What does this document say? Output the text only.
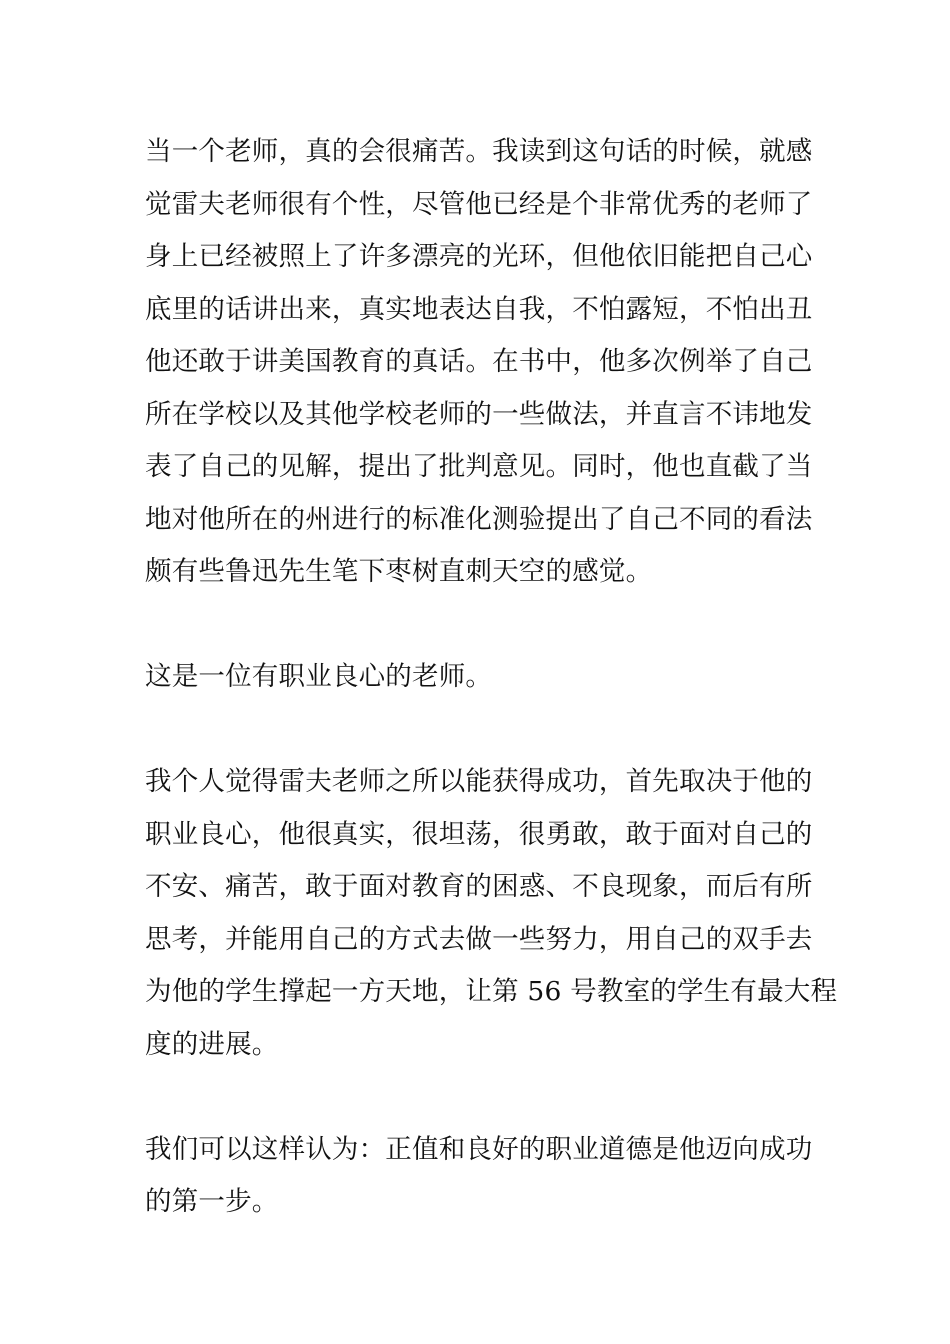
当一个老师，真的会很痛苦。我读到这句话的时候，就感
觉雷夫老师很有个性，尽管他已经是个非常优秀的老师了
身上已经被照上了许多漂亮的光环，但他依旧能把自己心
底里的话讲出来，真实地表达自我，不怕露短，不怕出丑
他还敢于讲美国教育的真话。在书中，他多次例举了自己
所在学校以及其他学校老师的一些做法，并直言不讳地发
表了自己的见解，提出了批判意见。同时，他也直截了当
地对他所在的州进行的标准化测验提出了自己不同的看法
颇有些鲁迅先生笔下枣树直刺天空的感觉。
这是一位有职业良心的老师。
我个人觉得雷夫老师之所以能获得成功，首先取决于他的
职业良心，他很真实，很坦荡，很勇敢，敢于面对自己的
不安、痛苦，敢于面对教育的困惑、不良现象，而后有所
思考，并能用自己的方式去做一些努力，用自己的双手去
为他的学生撑起一方天地，让第 56 号教室的学生有最大程
度的进展。
我们可以这样认为：正值和良好的职业道德是他迈向成功
的第一步。
